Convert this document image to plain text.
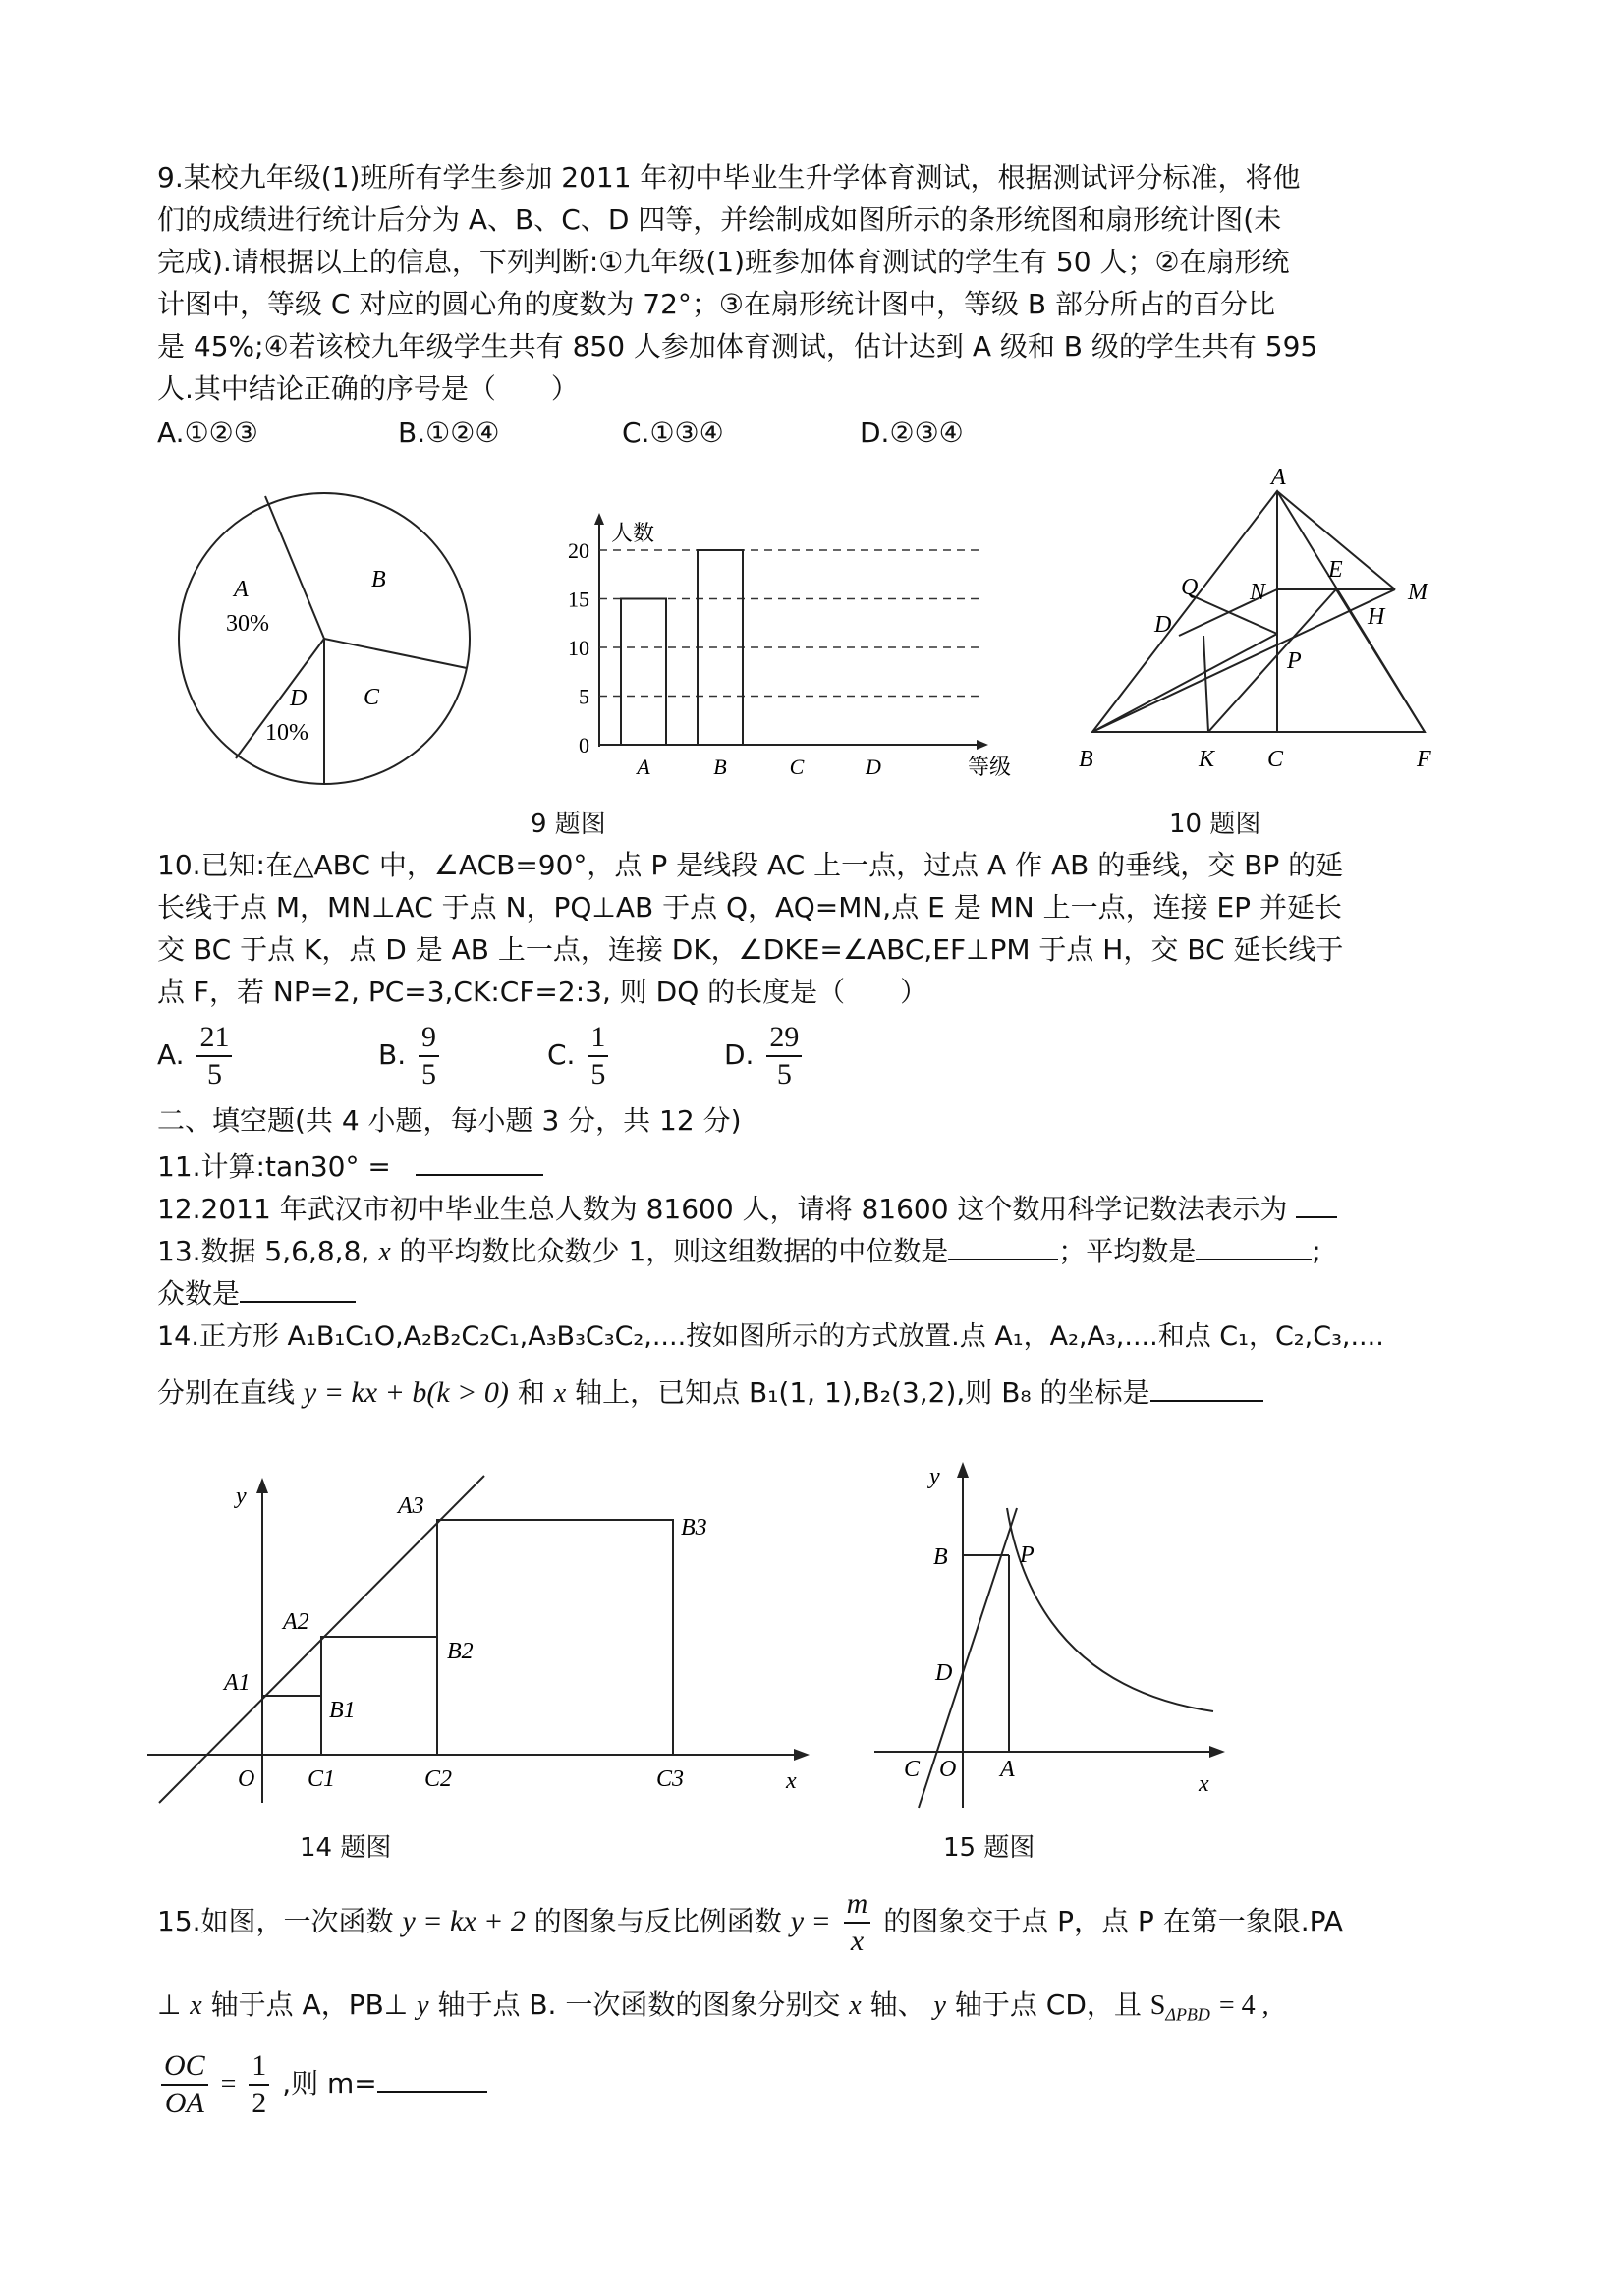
9.某校九年级(1)班所有学生参加 2011 年初中毕业生升学体育测试，根据测试评分标准，将他
们的成绩进行统计后分为 A、B、C、D 四等，并绘制成如图所示的条形统图和扇形统计图(未
完成).请根据以上的信息，下列判断:①九年级(1)班参加体育测试的学生有 50 人；②在扇形统
计图中，等级 C 对应的圆心角的度数为 72°；③在扇形统计图中，等级 B 部分所占的百分比
是 45%;④若该校九年级学生共有 850 人参加体育测试，估计达到 A 级和 B 级的学生共有 595
人.其中结论正确的序号是（　　）
A.①②③	B.①②④	C.①③④	D.②③④
A
30%
B
C
D
10%
人数
等级
0
5
10
15
20
A	B	C	D
9 题图
A
Q N
E
M
D	H
P
B	K C	F
10 题图
10.已知:在△ABC 中，∠ACB=90°，点 P 是线段 AC 上一点，过点 A 作 AB 的垂线，交 BP 的延
长线于点 M，MN⊥AC 于点 N，PQ⊥AB 于点 Q，AQ=MN,点 E 是 MN 上一点，连接 EP 并延长
交 BC 于点 K，点 D 是 AB 上一点，连接 DK，∠DKE=∠ABC,EF⊥PM 于点 H，交 BC 延长线于
点 F，若 NP=2, PC=3,CK:CF=2:3, 则 DQ 的长度是（　　）
A. $\frac{21}{5}$	B. $\frac{9}{5}$	C. $\frac{1}{5}$	D. $\frac{29}{5}$
二、填空题(共 4 小题，每小题 3 分，共 12 分)
11.计算:tan30° =
12.2011 年武汉市初中毕业生总人数为 81600 人，请将 81600 这个数用科学记数法表示为
13.数据 5,6,8,8, x 的平均数比众数少 1，则这组数据的中位数是	；平均数是	;
众数是
14.正方形 A₁B₁C₁O,A₂B₂C₂C₁,A₃B₃C₃C₂,....按如图所示的方式放置.点 A₁，A₂,A₃,....和点 C₁，C₂,C₃,....
分别在直线 y = kx + b(k > 0) 和 x 轴上，已知点 B₁(1, 1),B₂(3,2),则 B₈ 的坐标是
y
x
O
A1
A2
A3
B1
B2
B3
C1	C2	C3
14 题图
y
x
B	P
D
C O A
15 题图
15.如图，一次函数 y = kx + 2 的图象与反比例函数 $y = \frac{m}{x}$ 的图象交于点 P，点 P 在第一象限.PA
⊥ x 轴于点 A，PB⊥ y 轴于点 B. 一次函数的图象分别交 x 轴、 y 轴于点 CD，且 $S_{\Delta PBD} = 4$ ,
$\frac{OC}{OA} = \frac{1}{2}$ ,则 m=
